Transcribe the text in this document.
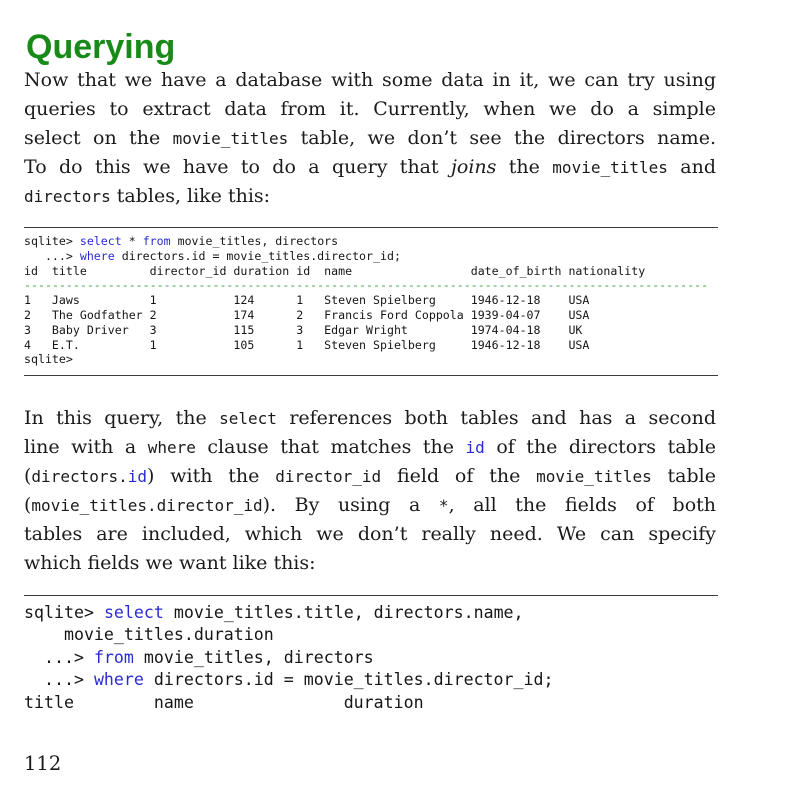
Querying
Now that we have a database with some data in it, we can try using
queries to extract data from it. Currently, when we do a simple
select on the movie_titles table, we don’t see the directors name.
To do this we have to do a query that joins the movie_titles and
directors tables, like this:
sqlite> select * from movie_titles, directors
...> where directors.id = movie_titles.director_id;
id  title         director_id duration id  name                 date_of_birth nationality
--------------------------------------------------------------------------------------------------
1   Jaws          1           124      1   Steven Spielberg     1946-12-18    USA
2   The Godfather 2           174      2   Francis Ford Coppola 1939-04-07    USA
3   Baby Driver   3           115      3   Edgar Wright         1974-04-18    UK
4   E.T.          1           105      1   Steven Spielberg     1946-12-18    USA
sqlite>
In this query, the select references both tables and has a second
line with a where clause that matches the id of the directors table
(directors.id) with the director_id field of the movie_titles table
(movie_titles.director_id). By using a *, all the fields of both
tables are included, which we don’t really need. We can specify
which fields we want like this:
sqlite> select movie_titles.title, directors.name,
movie_titles.duration
...> from movie_titles, directors
...> where directors.id = movie_titles.director_id;
title        name               duration
112
